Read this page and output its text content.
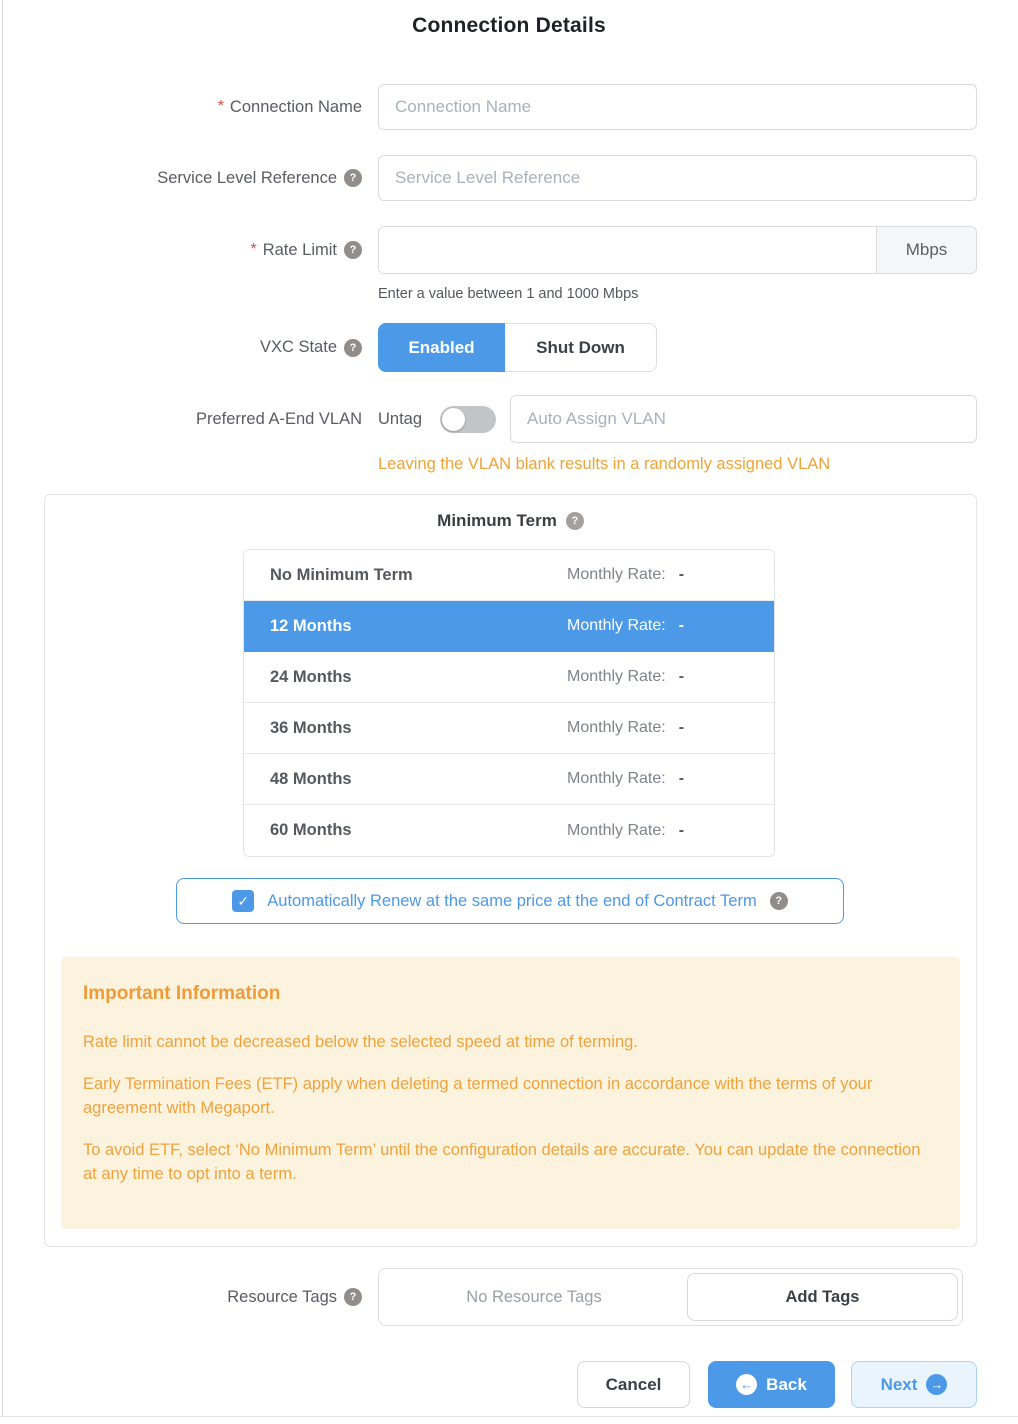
Connection Details
* Connection Name
Connection Name
Service Level Reference
?
Service Level Reference
* Rate Limit ?	Mbps
Enter a value between 1 and 1000 Mbps
VXC State ?	Enabled	Shut Down
Preferred A-End VLAN Untag
Auto Assign VLAN
Leaving the VLAN blank results in a randomly assigned VLAN
Minimum Term
?
No Minimum Term	Monthly Rate: -
12 Months	Monthly Rate: -
24 Months	Monthly Rate: -
36 Months	Monthly Rate: -
48 Months	Monthly Rate: -
60 Months	Monthly Rate: -
✓
Automatically Renew at the same price at the end of Contract Term
?
Important Information

Rate limit cannot be decreased below the selected speed at time of terming.

Early Termination Fees (ETF) apply when deleting a termed connection in accordance with the terms of your agreement with Megaport.

To avoid ETF, select ‘No Minimum Term’ until the configuration details are accurate. You can update the connection at any time to opt into a term.

Resource Tags ?	No Resource Tags	Add Tags
Cancel ←	Back	Next
→
